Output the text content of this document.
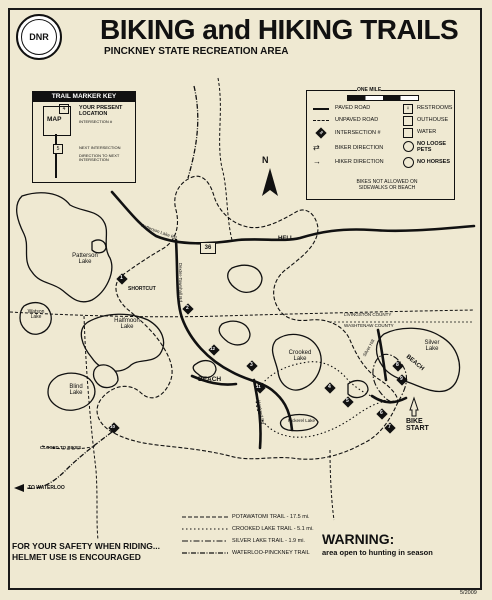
DNR BIKING and HIKING TRAILS
PINCKNEY STATE RECREATION AREA
TRAIL MARKER KEY
MAP
4	YOUR PRESENT LOCATION
INTERSECTION #
5	NEXT INTERSECTION
DIRECTION TO NEXT INTERSECTION
ONE MILE
PAVED ROAD
UNPAVED ROAD
8	INTERSECTION #
⇄	BIKER DIRECTION
→	HIKER DIRECTION
♀	RESTROOMS
OUTHOUSE
WATER
NO LOOSE PETS
NO HORSES
BIKES NOT ALLOWED ON SIDEWALKS OR BEACH
N
Patterson Lake
Watson Lake
Halfmoon Lake
Blind Lake
Crooked Lake
Pickerel Lake
Silver Lake
BEACH
BEACH
SHORTCUT
CLOSED TO BIKES
TO WATERLOO
BIKE START
LIVINGSTON COUNTY
WASHTENAW COUNTY
36
HELL
Patterson Lake Rd
Hankerd Rd
Dexter-Townhall Rd
Silver Hill
1
2
3
4
5
6
7
8
9
10
11
12
POTAWATOMI TRAIL - 17.5 mi.
CROOKED LAKE TRAIL - 5.1 mi.
SILVER LAKE TRAIL - 1.9 mi.
WATERLOO-PINCKNEY TRAIL
FOR YOUR SAFETY WHEN RIDING...
HELMET USE IS ENCOURAGED
WARNING:
area open to hunting in season
5/2009
